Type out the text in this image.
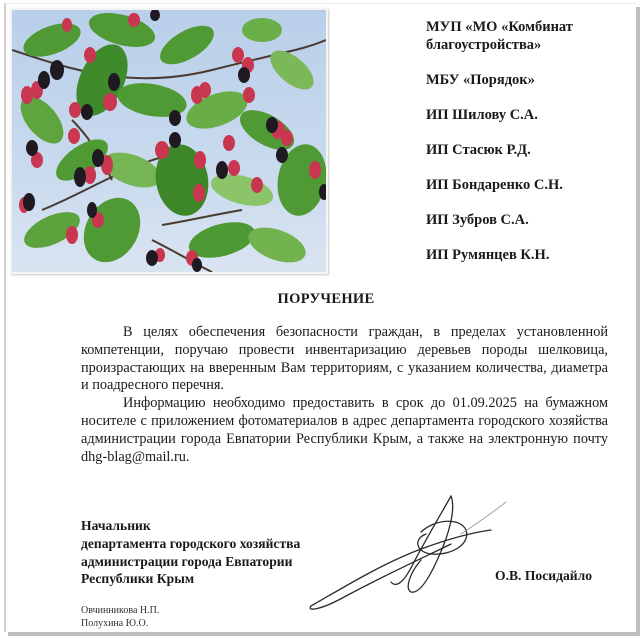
МУП «МО «Комбинат благоустройства»
МБУ «Порядок»
ИП Шилову С.А.
ИП Стасюк Р.Д.
ИП Бондаренко С.Н.
ИП Зубров С.А.
ИП Румянцев К.Н.
ПОРУЧЕНИЕ

В целях обеспечения безопасности граждан, в пределах установленной компетенции, поручаю провести инвентаризацию деревьев породы шелковица, произрастающих на вверенным Вам территориям, с указанием количества, диаметра и поадресного перечня.

Информацию необходимо предоставить в срок до 01.09.2025 на бумажном носителе с приложением фотоматериалов в адрес департамента городского хозяйства администрации города Евпатории Республики Крым, а также на электронную почту dhg-blag@mail.ru.

Начальник
департамента городского хозяйства
администрации города Евпатории
Республики Крым	О.В. Посидайло
Овчинникова Н.П.
Полухина Ю.О.
